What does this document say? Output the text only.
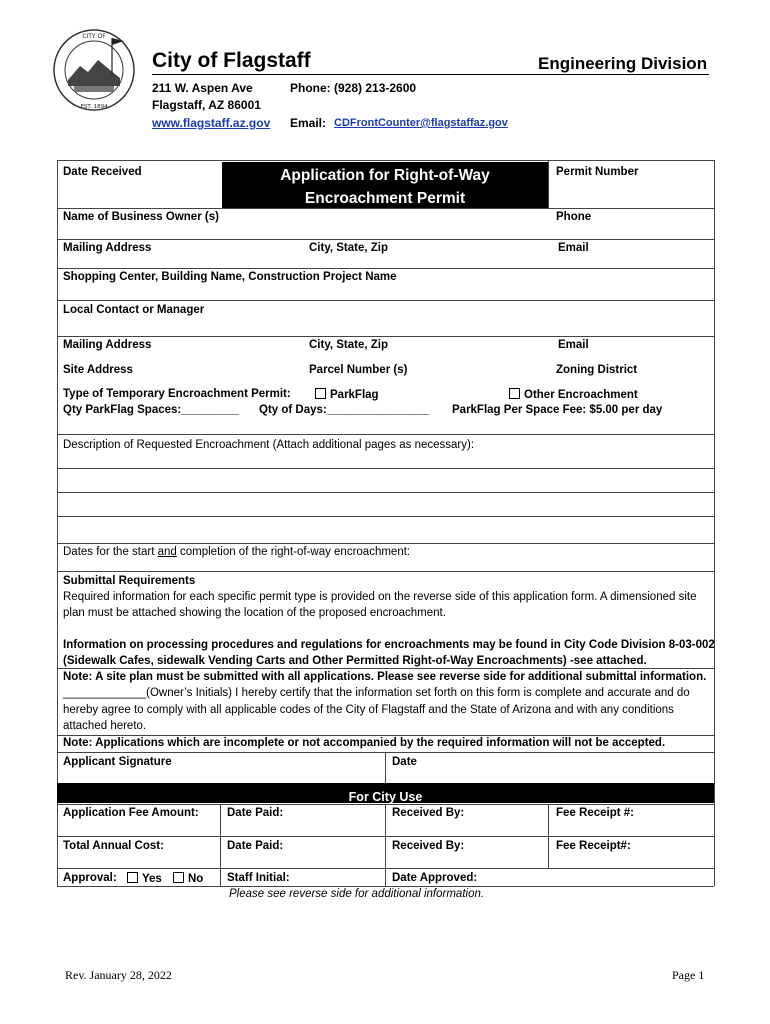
CITY OF
EST. 1894
City of Flagstaff	Engineering Division
211 W. Aspen Ave
Flagstaff, AZ 86001
www.flagstaff.az.gov
Phone: (928) 213-2600
Email: CDFrontCounter@flagstaffaz.gov
Date Received	Application for Right-of-Way
Encroachment Permit
Permit Number
Name of Business Owner (s)	Phone
Mailing Address	City, State, Zip	Email
Shopping Center, Building Name, Construction Project Name
Local Contact or Manager
Mailing Address	City, State, Zip	Email
Site Address	Parcel Number (s)	Zoning District
Type of Temporary Encroachment Permit:	ParkFlag	Other Encroachment
Qty ParkFlag Spaces:_________ Qty of Days:________________ ParkFlag Per Space Fee: $5.00 per day
Description of Requested Encroachment (Attach additional pages as necessary):
Dates for the start and completion of the right-of-way encroachment:
Submittal Requirements
Required information for each specific permit type is provided on the reverse side of this application form. A dimensioned site
plan must be attached showing the location of the proposed encroachment.
Information on processing procedures and regulations for encroachments may be found in City Code Division 8-03-002
(Sidewalk Cafes, sidewalk Vending Carts and Other Permitted Right-of-Way Encroachments) -see attached.
Note: A site plan must be submitted with all applications. Please see reverse side for additional submittal information.
_____________(Owner’s Initials) I hereby certify that the information set forth on this form is complete and accurate and do
hereby agree to comply with all applicable codes of the City of Flagstaff and the State of Arizona and with any conditions
attached hereto.
Note: Applications which are incomplete or not accompanied by the required information will not be accepted.
Applicant Signature	Date
For City Use
Application Fee Amount: Date Paid:	Received By:	Fee Receipt #:
Total Annual Cost:	Date Paid:	Received By:	Fee Receipt#:
Approval:	Yes	No Staff Initial:	Date Approved:
Please see reverse side for additional information.
Rev. January 28, 2022	Page 1
